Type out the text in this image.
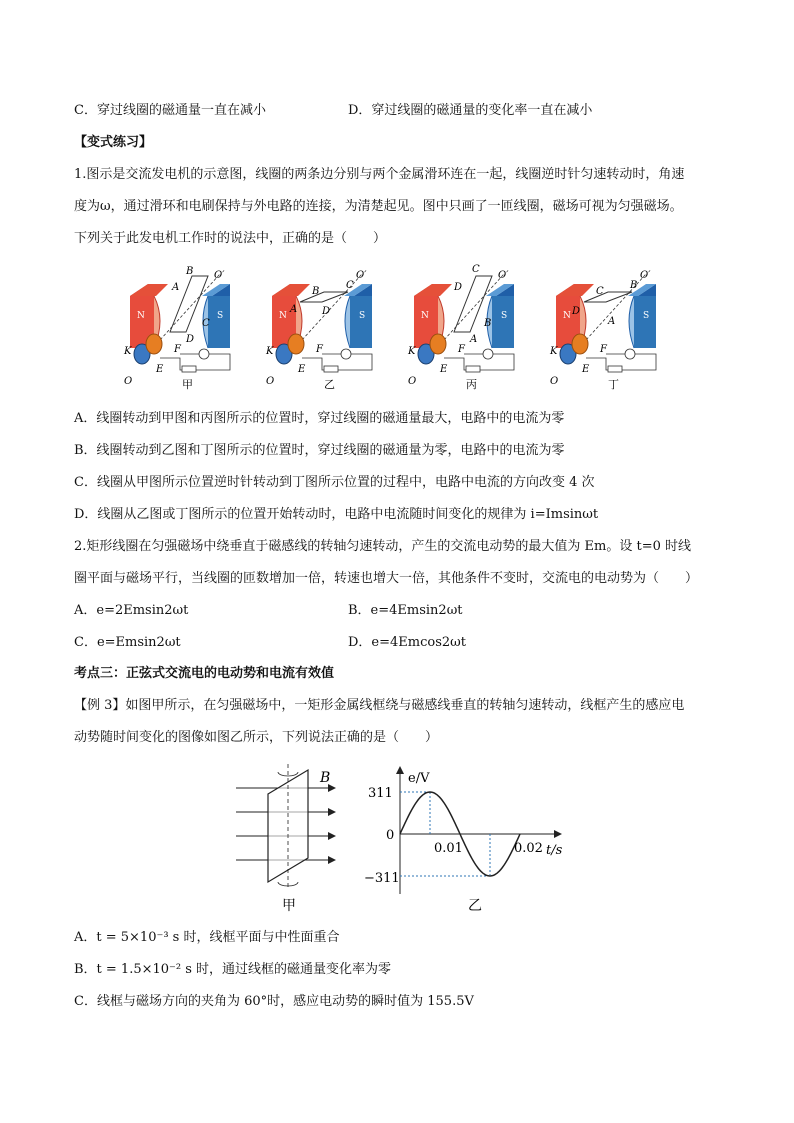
C．穿过线圈的磁通量一直在减小	D．穿过线圈的磁通量的变化率一直在减小
【变式练习】
1.图示是交流发电机的示意图，线圈的两条边分别与两个金属滑环连在一起，线圈逆时针匀速转动时，角速
度为ω，通过滑环和电刷保持与外电路的连接，为清楚起见。图中只画了一匝线圈，磁场可视为匀强磁场。
下列关于此发电机工作时的说法中，正确的是（　　）
B
A
C
D
F
K
E
O
O′
甲
B
A
C
D
F
K
E
O
O′
乙
C
D
B
A
F
K
E
O
O′
丙
C
D
B
A
F
K
E
O
O′
丁
A．线圈转动到甲图和丙图所示的位置时，穿过线圈的磁通量最大，电路中的电流为零
B．线圈转动到乙图和丁图所示的位置时，穿过线圈的磁通量为零，电路中的电流为零
C．线圈从甲图所示位置逆时针转动到丁图所示位置的过程中，电路中电流的方向改变 4 次
D．线圈从乙图或丁图所示的位置开始转动时，电路中电流随时间变化的规律为 i=Imsinωt
2.矩形线圈在匀强磁场中绕垂直于磁感线的转轴匀速转动，产生的交流电动势的最大值为 Em。设 t=0 时线
圈平面与磁场平行，当线圈的匝数增加一倍，转速也增大一倍，其他条件不变时，交流电的电动势为（　　）
A．e=2Emsin2ωt	B．e=4Emsin2ωt
C．e=Emsin2ωt	D．e=4Emcos2ωt
考点三：正弦式交流电的电动势和电流有效值
【例 3】如图甲所示，在匀强磁场中，一矩形金属线框绕与磁感线垂直的转轴匀速转动，线框产生的感应电
动势随时间变化的图像如图乙所示，下列说法正确的是（　　）
B
甲
e/V
311
0
−311
0.01	0.02 t/s
乙
A．t = 5×10⁻³ s 时，线框平面与中性面重合
B．t = 1.5×10⁻² s 时，通过线框的磁通量变化率为零
C．线框与磁场方向的夹角为 60°时，感应电动势的瞬时值为 155.5V
